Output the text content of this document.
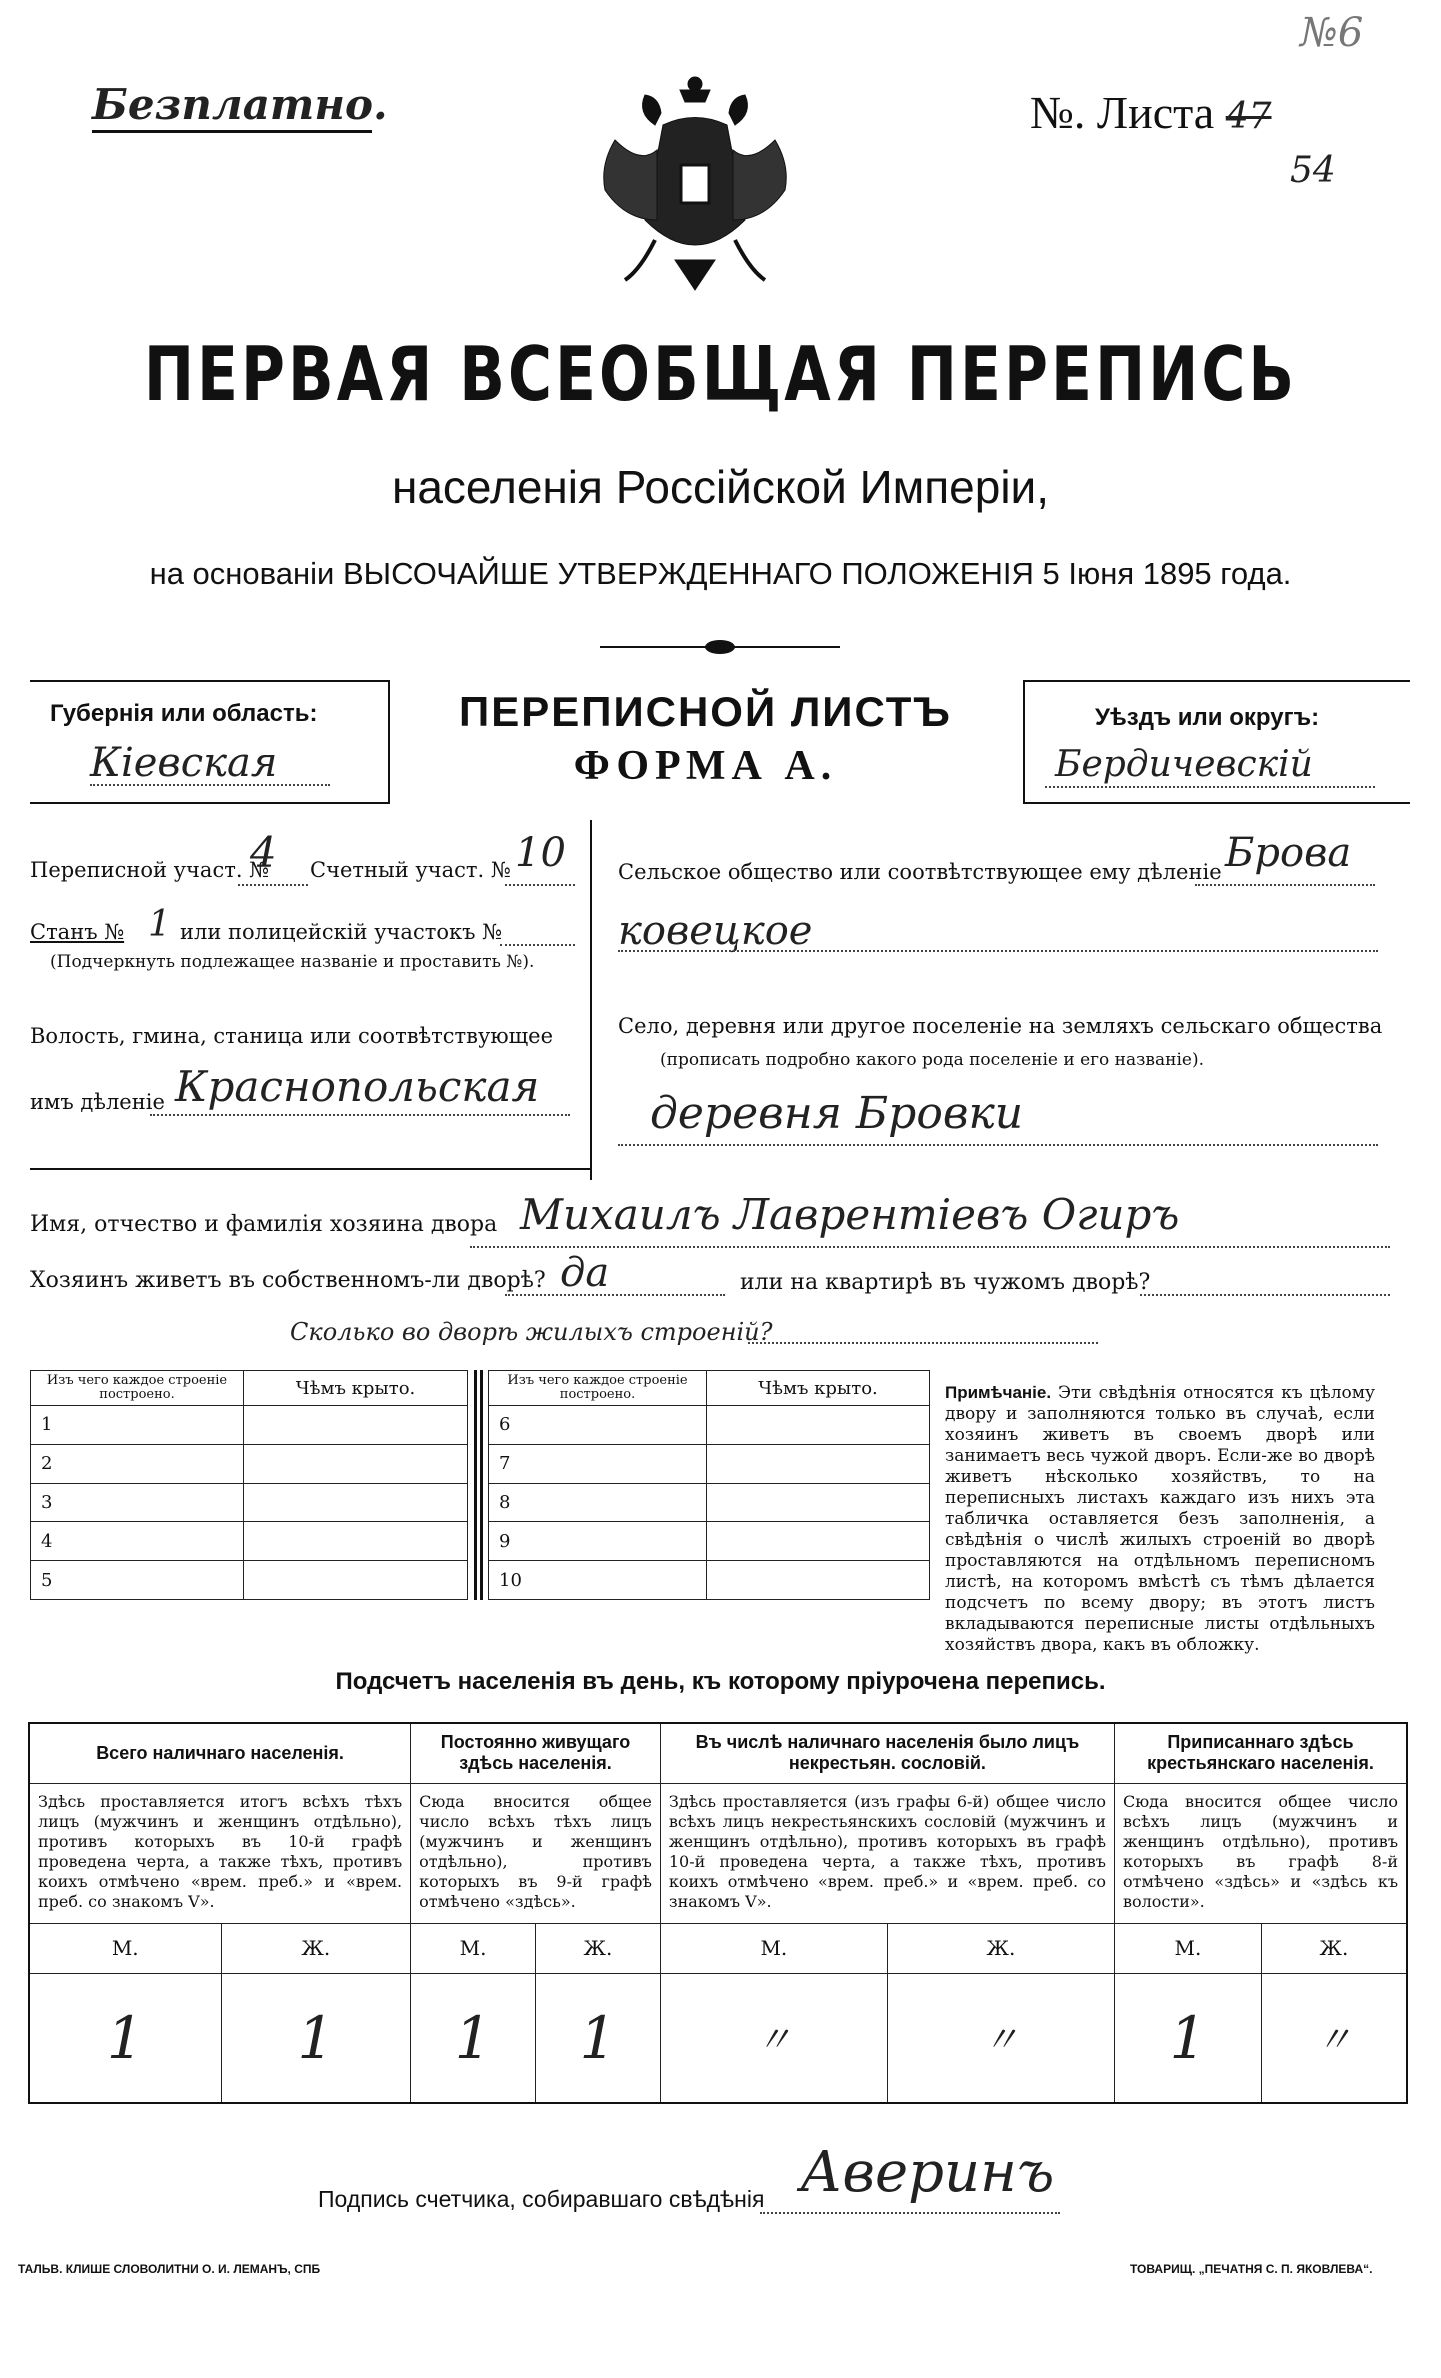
Безплатно.	№. Листа 47
54
№6
ПЕРВАЯ ВСЕОБЩАЯ ПЕРЕПИСЬ
населенія Россійской Имперіи,
на основаніи ВЫСОЧАЙШЕ УТВЕРЖДЕННАГО ПОЛОЖЕНІЯ 5 Іюня 1895 года.
Губернія или область:
Кіевская
ПЕРЕПИСНОЙ ЛИСТЪ
ФОРМА А.
Уѣздъ или округъ:
Бердичевскій
Переписной участ. №
4 Счетный участ. № 10
Станъ № 1 или полицейскій участокъ №
(Подчеркнуть подлежащее названіе и проставить №).
Волость, гмина, станица или соотвѣтствующее
имъ дѣленіе Краснопольская
Сельское общество или соотвѣтствующее ему дѣленіе Брова
ковецкое
Село, деревня или другое поселеніе на земляхъ сельскаго общества
(прописать подробно какого рода поселеніе и его названіе).
деревня Бровки
Имя, отчество и фамилія хозяина двора Михаилъ Лаврентіевъ Огиръ
Хозяинъ живетъ въ собственномъ-ли дворѣ? да	или на квартирѣ въ чужомъ дворѣ?
Сколько во дворѣ жилыхъ строеній?
Изъ чего каждое строеніе построено.	Чѣмъ крыто.
1	
2	
3	
4	
5	
Изъ чего каждое строеніе построено.	Чѣмъ крыто.
6	
7	
8	
9	
10	
Примѣчаніе. Эти свѣдѣнія относятся къ цѣлому двору и заполняются только въ случаѣ, если хозяинъ живетъ въ своемъ дворѣ или занимаетъ весь чужой дворъ. Если-же во дворѣ живетъ нѣсколько хозяйствъ, то на переписныхъ листахъ каждаго изъ нихъ эта табличка оставляется безъ заполненія, а свѣдѣнія о числѣ жилыхъ строеній во дворѣ проставляются на отдѣльномъ переписномъ листѣ, на которомъ вмѣстѣ съ тѣмъ дѣлается подсчетъ по всему двору; въ этотъ листъ вкладываются переписные листы отдѣльныхъ хозяйствъ двора, какъ въ обложку.
Подсчетъ населенія въ день, къ которому пріурочена перепись.
Всего наличнаго населенія.		Постоянно живущаго здѣсь населенія.		Въ числѣ наличнаго населенія было лицъ некрестьян. сословій.		Приписаннаго здѣсь крестьянскаго населенія.	
Здѣсь проставляется итогъ всѣхъ тѣхъ лицъ (мужчинъ и женщинъ отдѣльно), противъ которыхъ въ 10-й графѣ проведена черта, а также тѣхъ, противъ коихъ отмѣчено «врем. преб.» и «врем. преб. со знакомъ V».		Сюда вносится общее число всѣхъ тѣхъ лицъ (мужчинъ и женщинъ отдѣльно), противъ которыхъ въ 9-й графѣ отмѣчено «здѣсь».		Здѣсь проставляется (изъ графы 6-й) общее число всѣхъ лицъ некрестьянскихъ сословій (мужчинъ и женщинъ отдѣльно), противъ которыхъ въ графѣ 10-й проведена черта, а также тѣхъ, противъ коихъ отмѣчено «врем. преб.» и «врем. преб. со знакомъ V».		Сюда вносится общее число всѣхъ лицъ (мужчинъ и женщинъ отдѣльно), противъ которыхъ въ графѣ 8-й отмѣчено «здѣсь» и «здѣсь къ волости».	
М.	Ж.	М.	Ж.	М.	Ж.	М.	Ж.
1	1	1	1	〃	〃	1	〃
Подпись счетчика, собиравшаго свѣдѣнія Аверинъ
ТАЛЬВ. КЛИШЕ СЛОВОЛИТНИ О. И. ЛЕМАНЪ, СПБ	ТОВАРИЩ. „ПЕЧАТНЯ С. П. ЯКОВЛЕВА“.
